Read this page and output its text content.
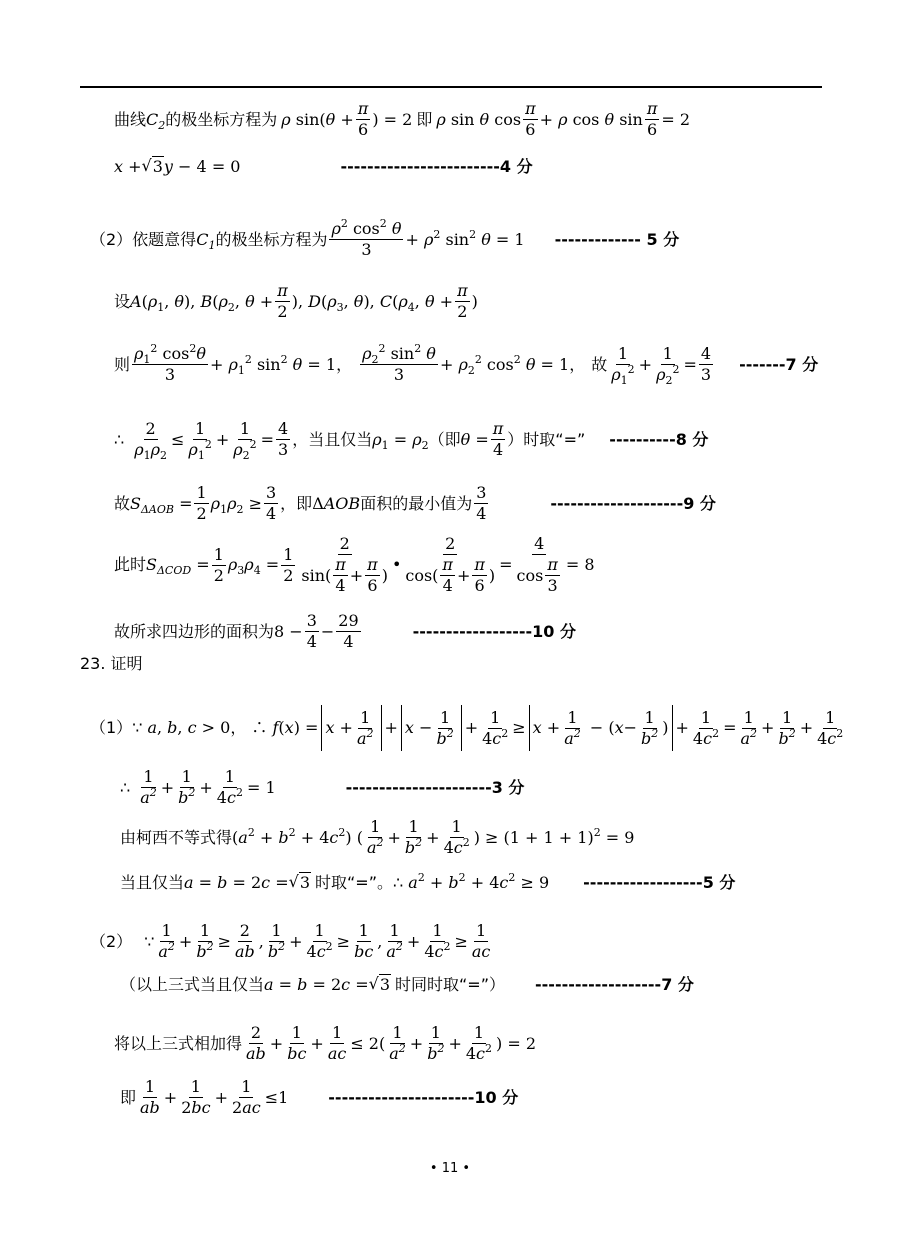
曲线 $C_2$ 的极坐标方程为 ρ $\sin(\theta + \frac{\pi}{6}$ ) = 2 即 ρ sin θ $\cos \frac{\pi}{6} + \rho$ cos θ $\sin \frac{\pi}{6} = 2$
x + √ 3 y − 4 = 0	------------------------4 分
（2）依题意得 $C_1$ 的极坐标方程为 $\frac{\rho^2 \cos^2 \theta}{3} + \rho^2$ $\sin^2 \theta = 1$ ------------- 5 分
设 $A(\rho_1$, θ), $B(\rho_2$, $\theta + \frac{\pi}{2}$ ), $D(\rho_3$, θ), $C(\rho_4$, $\theta + \frac{\pi}{2}$ )
则 $\frac{\rho_1^2 \cos^2\theta}{3} + \rho_1^2$ $\sin^2 \theta = 1$， $\frac{\rho_2^2 \sin^2 \theta}{3} + \rho_2^2$ $\cos^2 \theta = 1$， 故 $\frac{1}{\rho_1^2} + \frac{1}{\rho_2^2} = \frac{4}{3} -------7$ 分
∴ $\frac{2}{\rho_1\rho_2} \le \frac{1}{\rho_1^2} + \frac{1}{\rho_2^2} = \frac{4}{3}$ ，当且仅当 $\rho_1 = \rho_2$ （即 $\theta = \frac{\pi}{4}$ ）时取“=” ----------8 分
故 $S_{\Delta AOB} = \frac{1}{2} \rho_1\rho_2 \ge \frac{3}{4}$ ，即 ΔAOB 面积的最小值为 $\frac{3}{4}$	--------------------9 分
此时 $S_{\Delta COD} = \frac{1}{2} \rho_3\rho_4 = \frac{1}{2} \frac{2}{\sin( \frac{\pi}{4} + \frac{\pi}{6} )}$ • $\frac{2}{\cos( \frac{\pi}{4} + \frac{\pi}{6} )} = \frac{4}{\cos \frac{\pi}{3}} = 8$
故所求四边形的面积为 $8 - \frac{3}{4} - \frac{29}{4}$	------------------10 分
23. 证明
（1） ∵ a, b, c > 0， ∴ $f(x) = x + \frac{1}{a^2} + x - \frac{1}{b^2} + \frac{1}{4c^2} \ge x + \frac{1}{a^2}$ − ( $x - \frac{1}{b^2}$ ) + $\frac{1}{4c^2} = \frac{1}{a^2} + \frac{1}{b^2} + \frac{1}{4c^2}$
∴ $\frac{1}{a^2} + \frac{1}{b^2} + \frac{1}{4c^2} = 1$	----------------------3 分
由柯西不等式得 $(a^2 + b^2 + 4c^2)$ ( $\frac{1}{a^2} + \frac{1}{b^2} + \frac{1}{4c^2}$ ) ≥ $(1 + 1 + 1)^2 = 9$
当且仅当 a = b = 2c = √ 3 时取“=”。 ∴ $a^2 + b^2 + 4c^2 \ge 9$ ------------------5 分
（2） ∵ $\frac{1}{a^2} + \frac{1}{b^2} \ge \frac{2}{ab}$ , $\frac{1}{b^2} + \frac{1}{4c^2} \ge \frac{1}{bc}$ , $\frac{1}{a^2} + \frac{1}{4c^2} \ge \frac{1}{ac}$
（以上三式当且仅当 a = b = 2c = √ 3 时同时取“=”） -------------------7 分
将以上三式相加得 $\frac{2}{ab} + \frac{1}{bc} + \frac{1}{ac} \le 2( \frac{1}{a^2} + \frac{1}{b^2} + \frac{1}{4c^2}$ ) = 2
即 $\frac{1}{ab} + \frac{1}{2bc} + \frac{1}{2ac} \le 1$	----------------------10 分
• 11 •
